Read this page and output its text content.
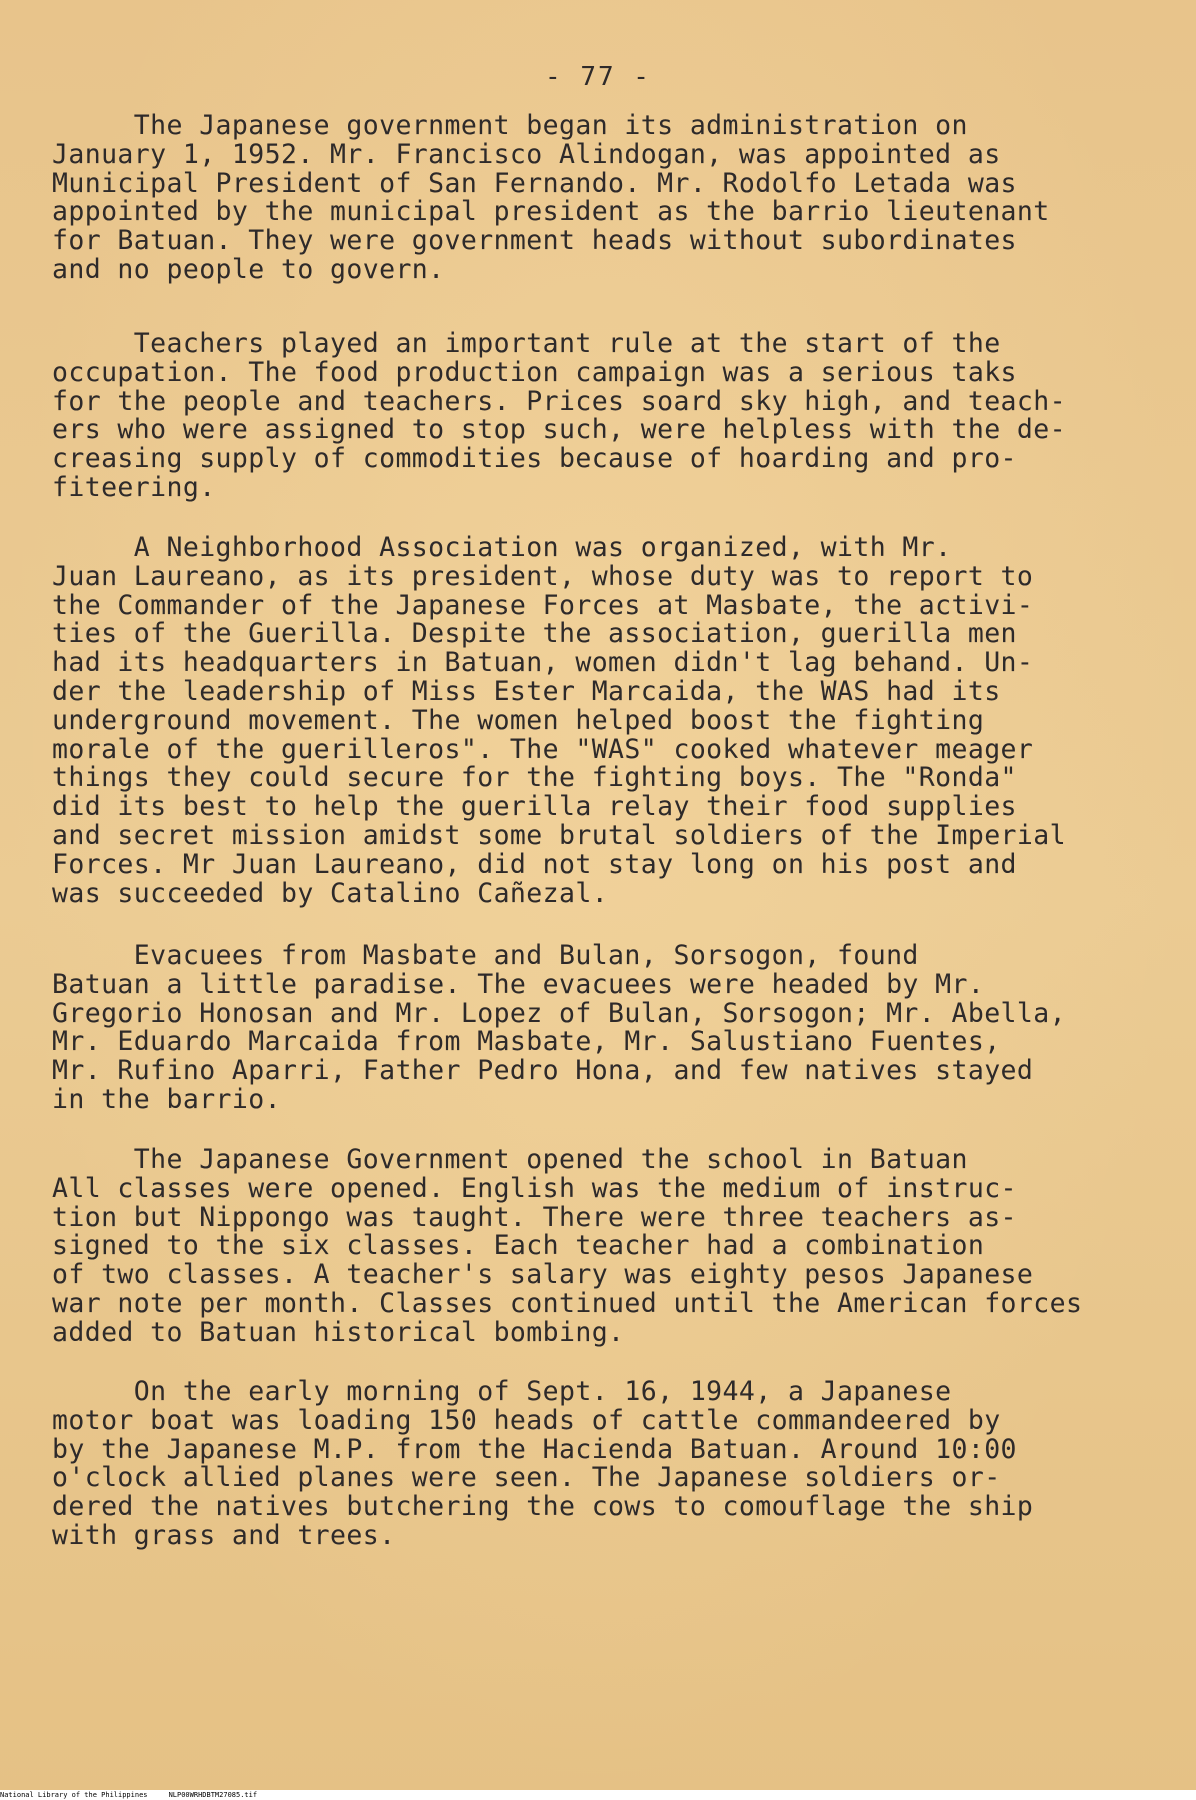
- 77 -
The Japanese government began its administration on
January 1, 1952. Mr. Francisco Alindogan, was appointed as
Municipal President of San Fernando. Mr. Rodolfo Letada was
appointed by the municipal president as the barrio lieutenant
for Batuan. They were government heads without subordinates
and no people to govern.
Teachers played an important rule at the start of the
occupation. The food production campaign was a serious taks
for the people and teachers. Prices soard sky high, and teach-
ers who were assigned to stop such, were helpless with the de-
creasing supply of commodities because of hoarding and pro-
fiteering.
A Neighborhood Association was organized, with Mr.
Juan Laureano, as its president, whose duty was to report to
the Commander of the Japanese Forces at Masbate, the activi-
ties of the Guerilla. Despite the association, guerilla men
had its headquarters in Batuan, women didn't lag behand. Un-
der the leadership of Miss Ester Marcaida, the WAS had its
underground movement. The women helped boost the fighting
morale of the guerilleros". The "WAS" cooked whatever meager
things they could secure for the fighting boys. The "Ronda"
did its best to help the guerilla relay their food supplies
and secret mission amidst some brutal soldiers of the Imperial
Forces. Mr Juan Laureano, did not stay long on his post and
was succeeded by Catalino Cañezal.
Evacuees from Masbate and Bulan, Sorsogon, found
Batuan a little paradise. The evacuees were headed by Mr.
Gregorio Honosan and Mr. Lopez of Bulan, Sorsogon; Mr. Abella,
Mr. Eduardo Marcaida from Masbate, Mr. Salustiano Fuentes,
Mr. Rufino Aparri, Father Pedro Hona, and few natives stayed
in the barrio.
The Japanese Government opened the school in Batuan
All classes were opened. English was the medium of instruc-
tion but Nippongo was taught. There were three teachers as-
signed to the six classes. Each teacher had a combination
of two classes. A teacher's salary was eighty pesos Japanese
war note per month. Classes continued until the American forces
added to Batuan historical bombing.
On the early morning of Sept. 16, 1944, a Japanese
motor boat was loading 150 heads of cattle commandeered by
by the Japanese M.P. from the Hacienda Batuan. Around 10:00
o'clock allied planes were seen. The Japanese soldiers or-
dered the natives butchering the cows to comouflage the ship
with grass and trees.
National Library of the Philippines     NLP00WRHDBTM27085.tif
